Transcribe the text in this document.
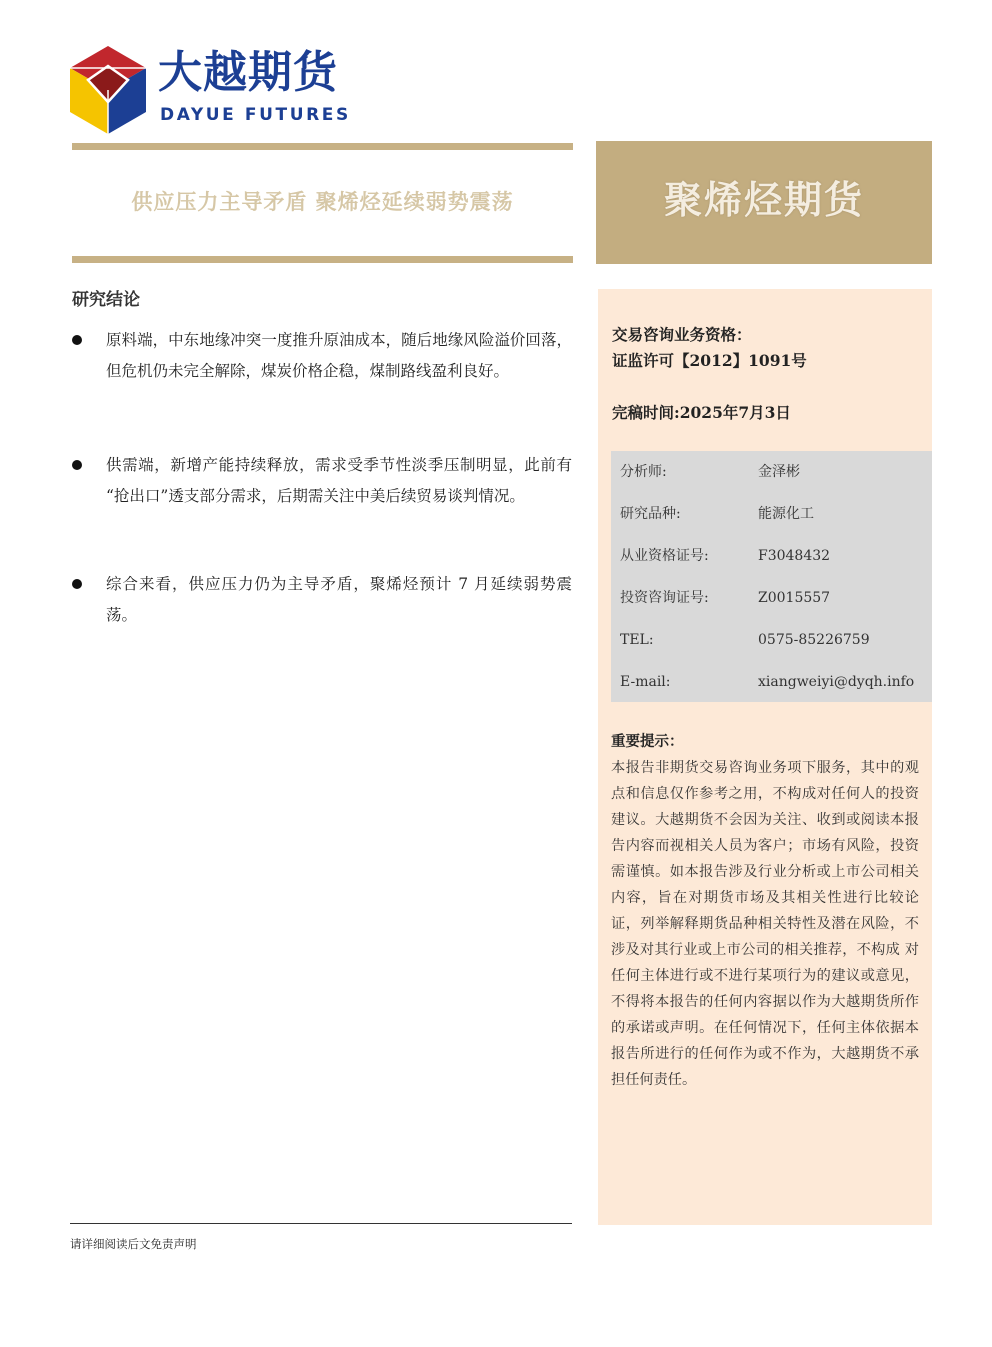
大越期货
DAYUE FUTURES
供应压力主导矛盾 聚烯烃延续弱势震荡	聚烯烃期货
研究结论
原料端，中东地缘冲突一度推升原油成本，随后地缘风险溢价回落，但危机仍未完全解除，煤炭价格企稳，煤制路线盈利良好。
供需端，新增产能持续释放，需求受季节性淡季压制明显，此前有 “抢出口”透支部分需求，后期需关注中美后续贸易谈判情况。
综合来看，供应压力仍为主导矛盾，聚烯烃预计 7 月延续弱势震荡。
交易咨询业务资格：
证监许可【2012】1091号
完稿时间:2025年7月3日
分析师:	金泽彬
研究品种:	能源化工
从业资格证号:	F3048432
投资咨询证号:	Z0015557
TEL:	0575-85226759
E-mail:	xiangweiyi@dyqh.info
重要提示：
本报告非期货交易咨询业务项下服务，其中的观点和信息仅作参考之用，不构成对任何人的投资建议。大越期货不会因为关注、收到或阅读本报告内容而视相关人员为客户；市场有风险，投资需谨慎。如本报告涉及行业分析或上市公司相关内容，旨在对期货市场及其相关性进行比较论证，列举解释期货品种相关特性及潜在风险，不涉及对其行业或上市公司的相关推荐，不构成 对任何主体进行或不进行某项行为的建议或意见，不得将本报告的任何内容据以作为大越期货所作的承诺或声明。在任何情况下，任何主体依据本报告所进行的任何作为或不作为，大越期货不承担任何责任。
请详细阅读后文免责声明
